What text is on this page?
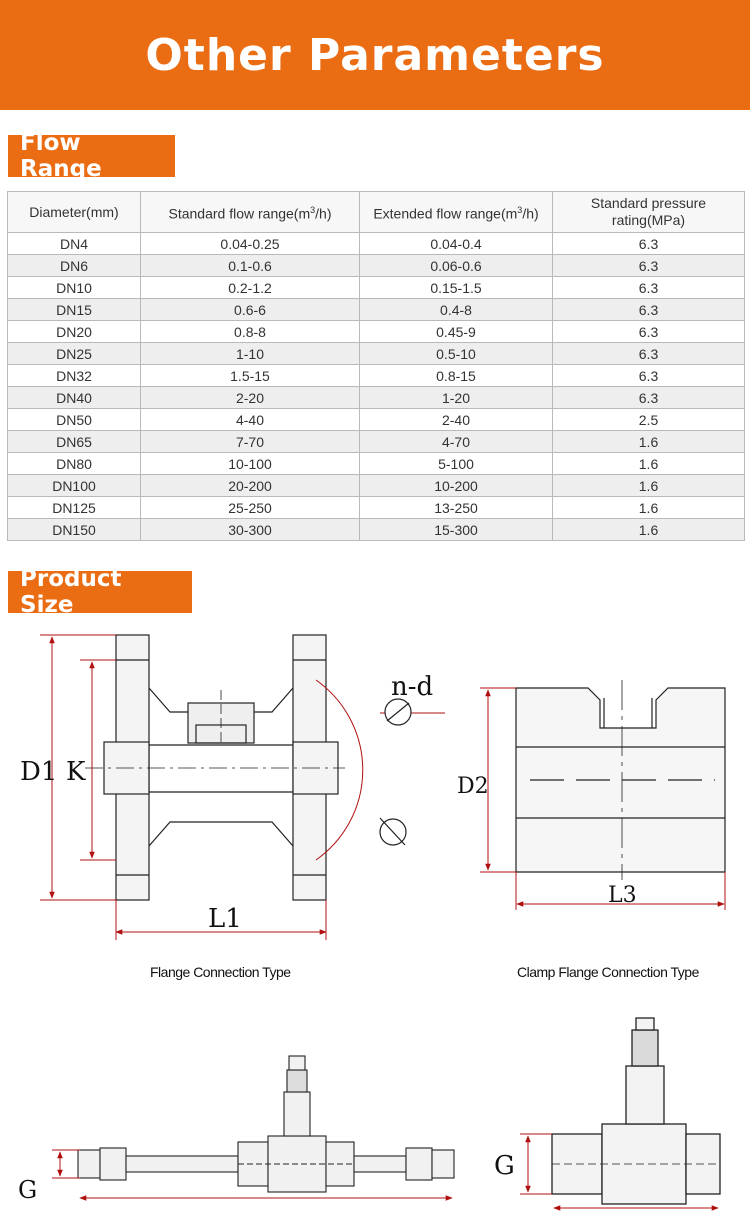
Other Parameters
Flow Range
Diameter(mm)	Standard flow $range(m^3/h)$	Extended flow $range(m^3/h)$	Standard pressure
rating(MPa)
DN4	0.04-0.25	0.04-0.4	6.3
DN6	0.1-0.6	0.06-0.6	6.3
DN10	0.2-1.2	0.15-1.5	6.3
DN15	0.6-6	0.4-8	6.3
DN20	0.8-8	0.45-9	6.3
DN25	1-10	0.5-10	6.3
DN32	1.5-15	0.8-15	6.3
DN40	2-20	1-20	6.3
DN50	4-40	2-40	2.5
DN65	7-70	4-70	1.6
DN80	10-100	5-100	1.6
DN100	20-200	10-200	1.6
DN125	25-250	13-250	1.6
DN150	30-300	15-300	1.6
Product Size
D1 K
L1
n-d
D2
L3
G
G
Flange Connection Type	Clamp Flange Connection Type
